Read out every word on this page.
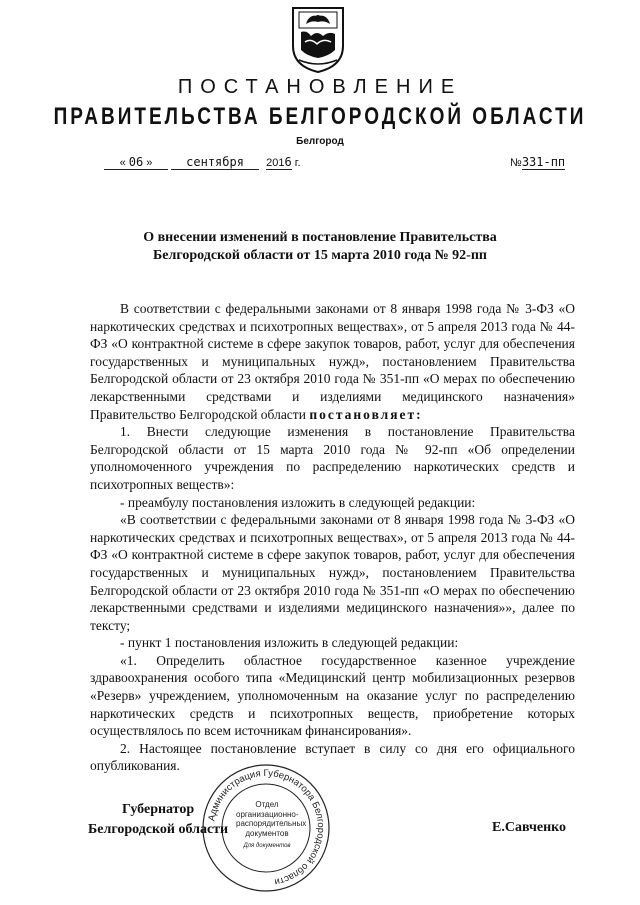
ПОСТАНОВЛЕНИЕ
ПРАВИТЕЛЬСТВА БЕЛГОРОДСКОЙ ОБЛАСТИ
Белгород
« 06 »	сентября 2016 г.	№331-пп
О внесении изменений в постановление Правительства
Белгородской области от 15 марта 2010 года № 92-пп

В соответствии с федеральными законами от 8 января 1998 года № 3-ФЗ «О наркотических средствах и психотропных веществах», от 5 апреля 2013 года № 44-ФЗ «О контрактной системе в сфере закупок товаров, работ, услуг для обеспечения государственных и муниципальных нужд», постановлением Правительства Белгородской области от 23 октября 2010 года № 351-пп «О мерах по обеспечению лекарственными средствами и изделиями медицинского назначения» Правительство Белгородской области постановляет:

1. Внести следующие изменения в постановление Правительства Белгородской области от 15 марта 2010 года № 92-пп «Об определении уполномоченного учреждения по распределению наркотических средств и психотропных веществ»:

- преамбулу постановления изложить в следующей редакции:

«В соответствии с федеральными законами от 8 января 1998 года № 3-ФЗ «О наркотических средствах и психотропных веществах», от 5 апреля 2013 года № 44-ФЗ «О контрактной системе в сфере закупок товаров, работ, услуг для обеспечения государственных и муниципальных нужд», постановлением Правительства Белгородской области от 23 октября 2010 года № 351-пп «О мерах по обеспечению лекарственными средствами и изделиями медицинского назначения»», далее по тексту;

- пункт 1 постановления изложить в следующей редакции:

«1. Определить областное государственное казенное учреждение здравоохранения особого типа «Медицинский центр мобилизационных резервов «Резерв» учреждением, уполномоченным на оказание услуг по распределению наркотических средств и психотропных веществ, приобретение которых осуществлялось по всем источникам финансирования».

2. Настоящее постановление вступает в силу со дня его официального опубликования.

Администрация Губернатора Белгородской области
Отдел
организационно-
распорядительных
документов
Для документов
Губернатор
Белгородской области	Е.Савченко
